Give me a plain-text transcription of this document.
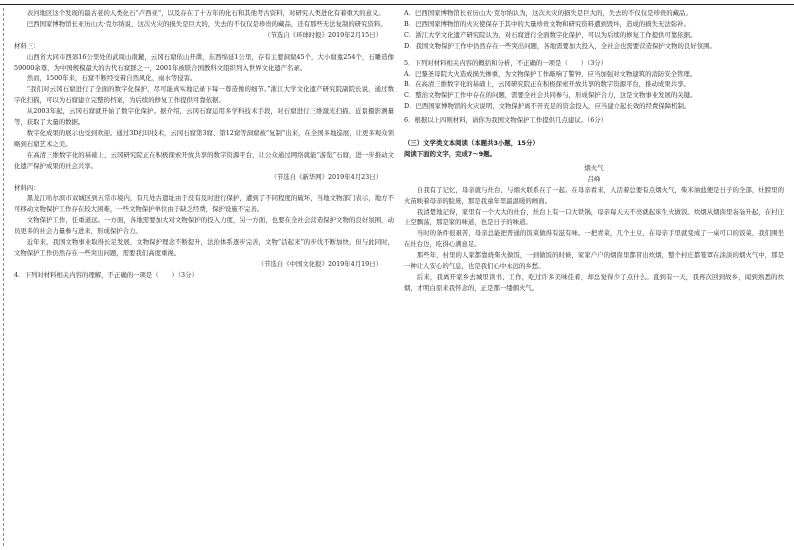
表河地区这个发现的最古老的人类化石“卢西亚”，以及存在了十万年的化石和其他考古资料，对研究人类进化有着重大的意义。

巴西国家博物馆长亚历山大·克尔纳说，这次火灾的损失是巨大的，失去的不仅仅是珍贵的藏品，还有那些无法复制的研究资料。

（节选自《环球时报》2019年2月15日）

材料三：

山西省大同市西郊16公里处的武周山南麓，云冈石窟依山开凿，东西绵延1公里，存有主要洞窟45个，大小窟龛254个，石雕造像59000余尊，为中国规模最大的古代石窟群之一，2001年被联合国教科文组织列入世界文化遗产名录。

然而，1500年来，石窟不断经受着自然风化、雨水等侵害。

“我们对云冈石窟进行了全面的数字化保护，尽可能真实地记录下每一尊造像的细节。”浙江大学文化遗产研究院副院长说，通过数字化扫描，可以为石窟建立完整的档案，为后续的修复工作提供可靠依据。

从2003年起，云冈石窟就开始了数字化保护。据介绍，云冈石窟运用多学科技术手段，对石窟进行三维激光扫描、近景摄影测量等，获取了大量的数据。

数字化成果的展示也受到欢迎。通过3D打印技术，云冈石窟第3窟、第12窟等洞窟被“复制”出来，在全国多地巡展，让更多观众领略到石窟艺术之美。

在高清三维数字化的基础上，云冈研究院正在积极探索开放共享的数字资源平台，让公众通过网络就能“游览”石窟，进一步推动文化遗产保护成果的社会共享。

（节选自《新华网》2019年4月23日）

材料四：

黑龙江哈尔滨市双城区到五常市境内，有几处古遗址由于没有及时进行保护，遭到了不同程度的破坏，当地文物部门表示，地方不可移动文物保护工作存在较大困难，一些文物保护单位由于缺乏经费，保护设施不完善。

文物保护工作，任重道远。一方面，各地需要加大对文物保护的投入力度，另一方面，也要在全社会营造保护文物的良好氛围，动员更多的社会力量参与进来，形成保护合力。

近年来，我国文物事业取得长足发展，文物保护理念不断提升，法治体系逐步完善，文物“活起来”的步伐不断加快，但与此同时，文物保护工作仍然存在一些突出问题，需要我们高度重视。

（节选自《中国文化报》2019年4月19日）

4．下列对材料相关内容的理解，不正确的一项是（　　）（3分）

A．巴西国家博物馆长亚历山大·克尔纳认为，这次火灾的损失是巨大的，失去的不仅仅是珍贵的藏品。

B．巴西国家博物馆的火灾使保存于其中的大量珍贵文物和研究资料遭到毁坏，造成的损失无法弥补。

C．浙江大学文化遗产研究院认为，对石窟进行全面数字化保护，可以为后续的修复工作提供可靠依据。

D．我国文物保护工作中仍然存在一些突出问题，各地需要加大投入，全社会也需要营造保护文物的良好氛围。

5．下列对材料相关内容的概括和分析，不正确的一项是（　　）（3分）

A．巴黎圣母院大火造成损失惨重，为文物保护工作敲响了警钟，应当加强对文物建筑的消防安全管理。

B．在高清三维数字化的基础上，云冈研究院正在积极探索开放共享的数字资源平台，推动成果共享。

C．整治文物保护工作中存在的问题，需要全社会共同参与，形成保护合力，这是文物事业发展的关键。

D．巴西国家博物馆的火灾说明，文物保护离不开充足的资金投入，应当建立起长效的经费保障机制。

6．根据以上四则材料，请你为我国文物保护工作提供几点建议。（6分）

（三）文学类文本阅读（本题共3小题，15分）

阅读下面的文字，完成7～9题。

烟火气

吕峰

自我有了记忆，母亲就与灶台、与烟火联系在了一起。在母亲看来，人活着总要有点烟火气，柴米油盐便是日子的全部，灶膛里的火苗映着母亲的脸庞，那是我童年里最温暖的画面。

我清楚地记得，家里有一个大大的灶台，灶台上有一口大铁锅，母亲每天天不亮就起床生火做饭。炊烟从烟囱里袅袅升起，在村庄上空飘荡，那是家的味道，也是日子的味道。

当时的条件很艰苦，母亲总能把普通的饭菜做得有滋有味。一把青菜，几个土豆，在母亲手里就变成了一桌可口的饭菜，我们围坐在灶台边，吃得心满意足。

那些年，村里的人家都靠烧柴火做饭，一到做饭的时候，家家户户的烟囱里都冒出炊烟，整个村庄都笼罩在淡淡的烟火气中，那是一种让人安心的气息，也是我们心中永远的乡愁。

后来，我离开家乡去城里读书、工作，吃过许多美味佳肴，却总觉得少了点什么。直到有一天，我再次回到故乡，闻到熟悉的炊烟，才明白原来我怀念的，正是那一缕烟火气。
